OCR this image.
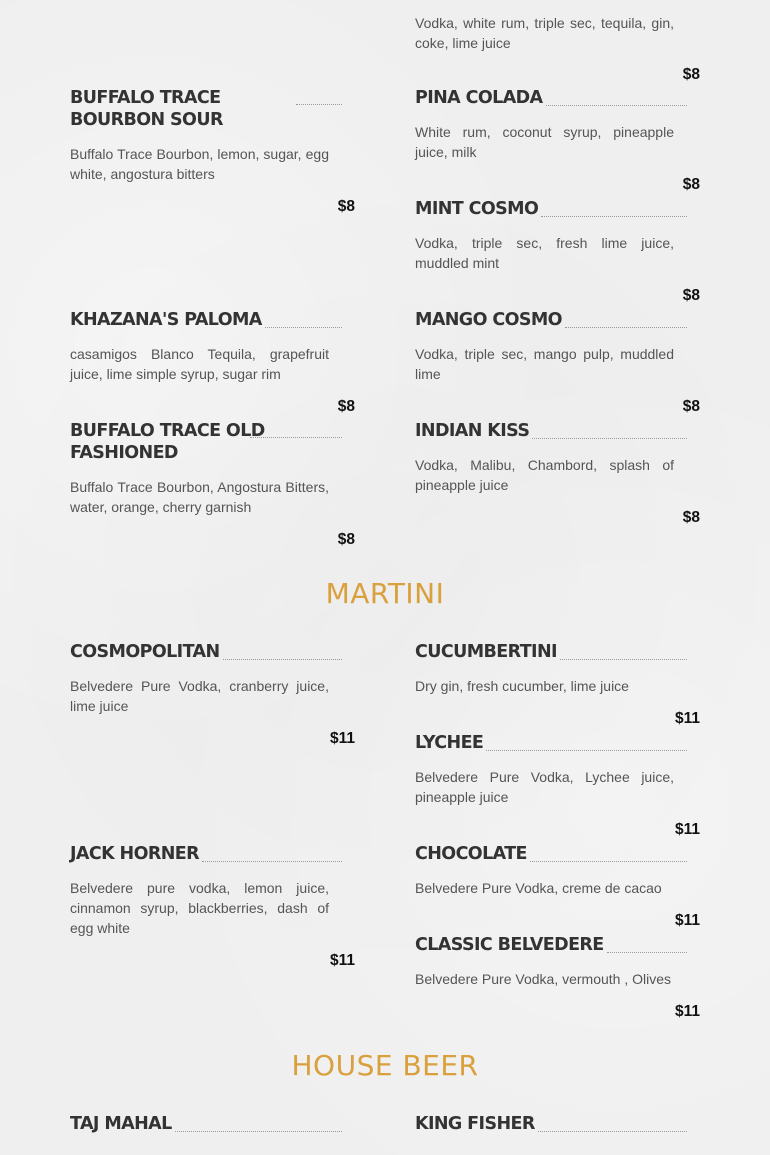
Vodka, white rum, triple sec, tequila, gin, coke, lime juice
$8
BUFFALO TRACE BOURBON SOUR
Buffalo Trace Bourbon, lemon, sugar, egg white, angostura bitters
$8
KHAZANA'S PALOMA
casamigos Blanco Tequila, grapefruit juice, lime simple syrup, sugar rim
$8
BUFFALO TRACE OLD FASHIONED
Buffalo Trace Bourbon, Angostura Bitters, water, orange, cherry garnish
$8
PINA COLADA
White rum, coconut syrup, pineapple juice, milk
$8
MINT COSMO
Vodka, triple sec, fresh lime juice, muddled mint
$8
MANGO COSMO
Vodka, triple sec, mango pulp, muddled lime
$8
INDIAN KISS
Vodka, Malibu, Chambord, splash of pineapple juice
$8
MARTINI
COSMOPOLITAN
Belvedere Pure Vodka, cranberry juice, lime juice
$11
JACK HORNER
Belvedere pure vodka, lemon juice, cinnamon syrup, blackberries, dash of egg white
$11
CUCUMBERTINI
Dry gin, fresh cucumber, lime juice
$11
LYCHEE
Belvedere Pure Vodka, Lychee juice, pineapple juice
$11
CHOCOLATE
Belvedere Pure Vodka, creme de cacao
$11
CLASSIC BELVEDERE
Belvedere Pure Vodka, vermouth , Olives
$11
HOUSE BEER
TAJ MAHAL	KING FISHER
